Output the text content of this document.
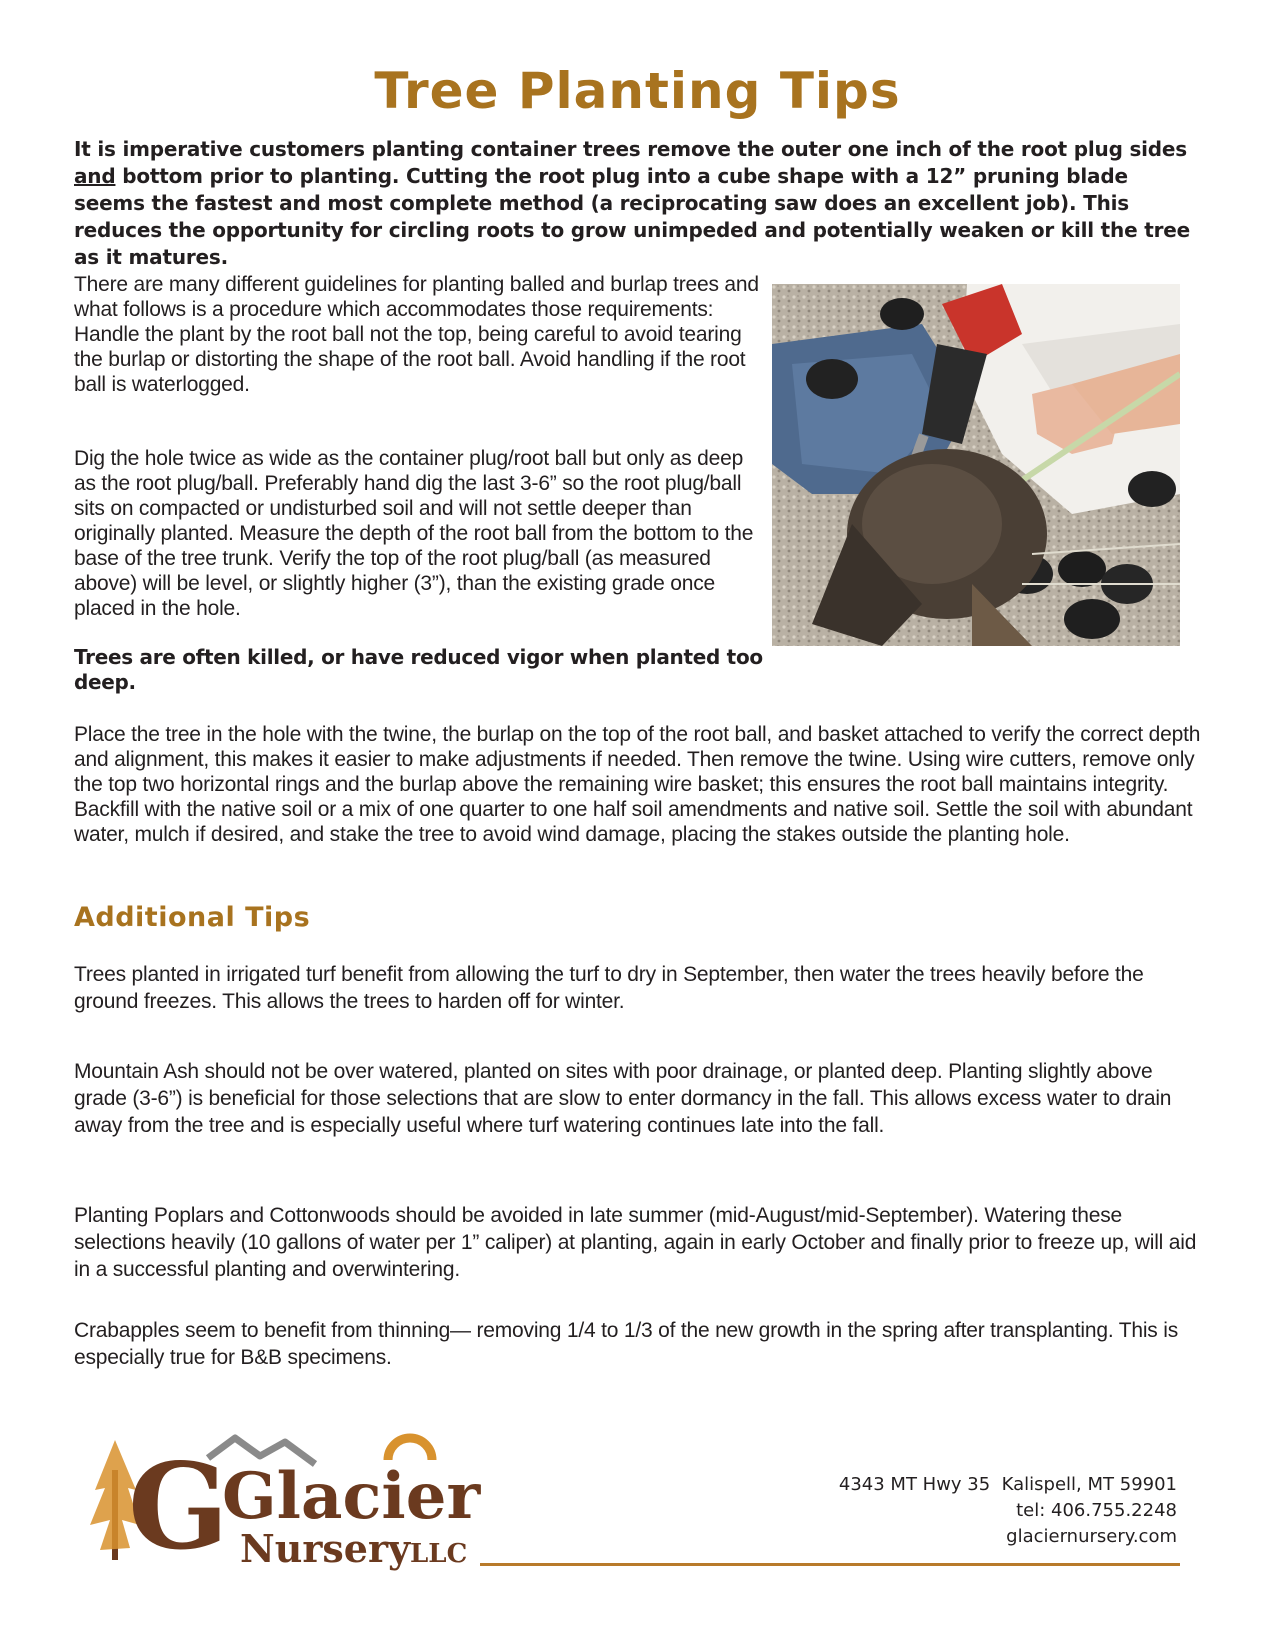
Tree Planting Tips

It is imperative customers planting container trees remove the outer one inch of the root plug sides and bottom prior to planting. Cutting the root plug into a cube shape with a 12” pruning blade seems the fastest and most complete method (a reciprocating saw does an excellent job). This reduces the opportunity for circling roots to grow unimpeded and potentially weaken or kill the tree as it matures.

There are many different guidelines for planting balled and burlap trees and what follows is a procedure which accommodates those requirements: Handle the plant by the root ball not the top, being careful to avoid tearing the burlap or distorting the shape of the root ball. Avoid handling if the root ball is waterlogged.

Dig the hole twice as wide as the container plug/root ball but only as deep as the root plug/ball. Preferably hand dig the last 3-6” so the root plug/ball sits on compacted or undisturbed soil and will not settle deeper than originally planted. Measure the depth of the root ball from the bottom to the base of the tree trunk. Verify the top of the root plug/ball (as measured above) will be level, or slightly higher (3”), than the existing grade once placed in the hole.

Trees are often killed, or have reduced vigor when planted too deep.

Place the tree in the hole with the twine, the burlap on the top of the root ball, and basket attached to verify the correct depth and alignment, this makes it easier to make adjustments if needed. Then remove the twine. Using wire cutters, remove only the top two horizontal rings and the burlap above the remaining wire basket; this ensures the root ball maintains integrity. Backfill with the native soil or a mix of one quarter to one half soil amendments and native soil. Settle the soil with abundant water, mulch if desired, and stake the tree to avoid wind damage, placing the stakes outside the planting hole.

Additional Tips

Trees planted in irrigated turf benefit from allowing the turf to dry in September, then water the trees heavily before the ground freezes. This allows the trees to harden off for winter.

Mountain Ash should not be over watered, planted on sites with poor drainage, or planted deep. Planting slightly above grade (3-6”) is beneficial for those selections that are slow to enter dormancy in the fall. This allows excess water to drain away from the tree and is especially useful where turf watering continues late into the fall.

Planting Poplars and Cottonwoods should be avoided in late summer (mid-August/mid-September). Watering these selections heavily (10 gallons of water per 1” caliper) at planting, again in early October and finally prior to freeze up, will aid in a successful planting and overwintering.

Crabapples seem to benefit from thinning— removing 1/4 to 1/3 of the new growth in the spring after transplanting. This is especially true for B&B specimens.

G
Glacier
Nursery LLC
4343 MT Hwy 35  Kalispell, MT 59901
tel: 406.755.2248
glaciernursery.com
